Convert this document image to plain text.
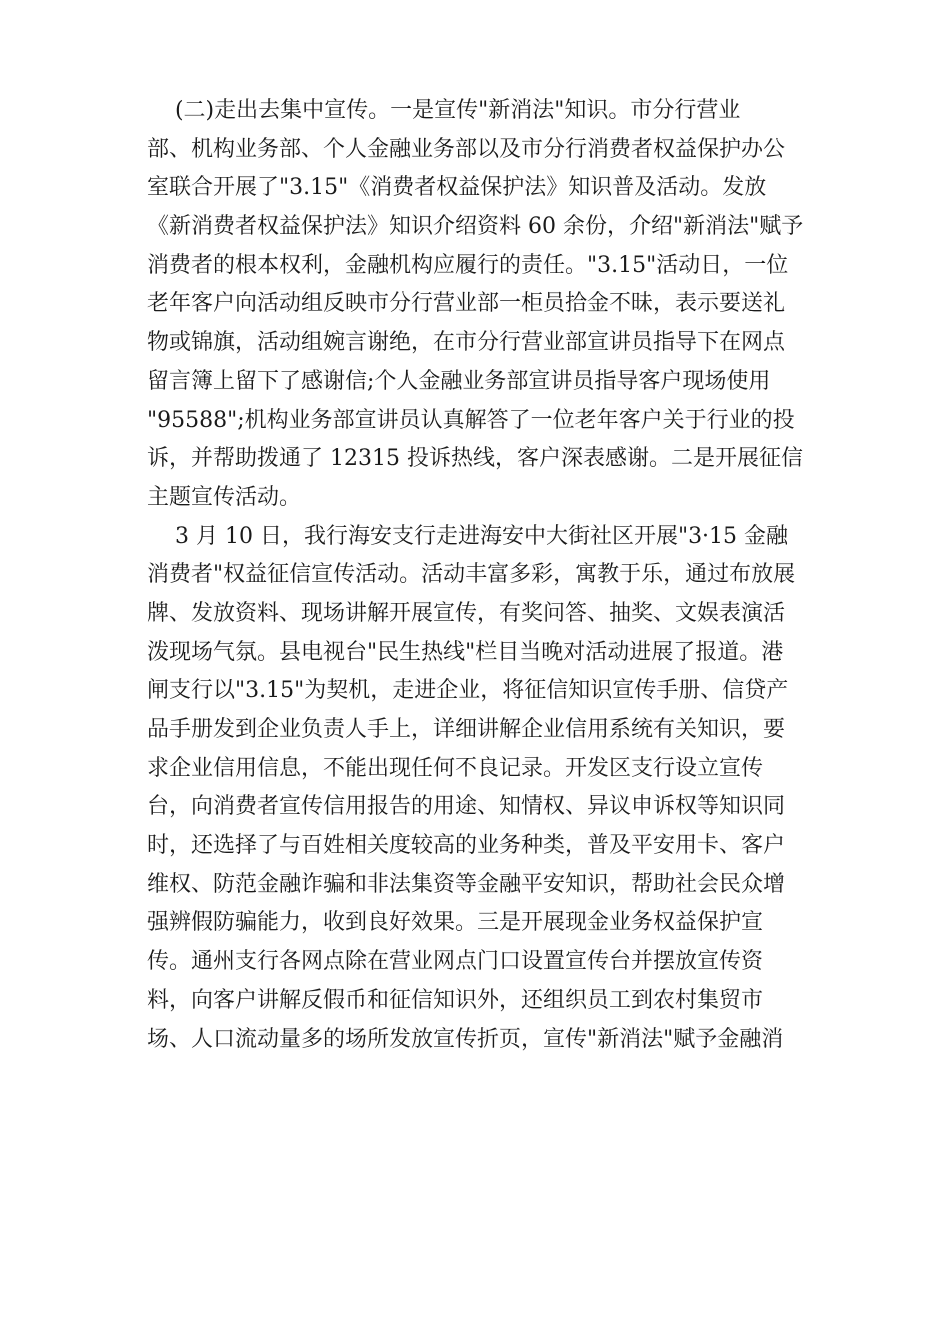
(二)走出去集中宣传。一是宣传"新消法"知识。市分行营业
部、机构业务部、个人金融业务部以及市分行消费者权益保护办公
室联合开展了"3.15"《消费者权益保护法》知识普及活动。发放
《新消费者权益保护法》知识介绍资料 60 余份，介绍"新消法"赋予
消费者的根本权利，金融机构应履行的责任。"3.15"活动日，一位
老年客户向活动组反映市分行营业部一柜员拾金不昧，表示要送礼
物或锦旗，活动组婉言谢绝，在市分行营业部宣讲员指导下在网点
留言簿上留下了感谢信;个人金融业务部宣讲员指导客户现场使用
"95588";机构业务部宣讲员认真解答了一位老年客户关于行业的投
诉，并帮助拨通了 12315 投诉热线，客户深表感谢。二是开展征信
主题宣传活动。
3 月 10 日，我行海安支行走进海安中大街社区开展"3·15 金融
消费者"权益征信宣传活动。活动丰富多彩，寓教于乐，通过布放展
牌、发放资料、现场讲解开展宣传，有奖问答、抽奖、文娱表演活
泼现场气氛。县电视台"民生热线"栏目当晚对活动进展了报道。港
闸支行以"3.15"为契机，走进企业，将征信知识宣传手册、信贷产
品手册发到企业负责人手上，详细讲解企业信用系统有关知识，要
求企业信用信息，不能出现任何不良记录。开发区支行设立宣传
台，向消费者宣传信用报告的用途、知情权、异议申诉权等知识同
时，还选择了与百姓相关度较高的业务种类，普及平安用卡、客户
维权、防范金融诈骗和非法集资等金融平安知识，帮助社会民众增
强辨假防骗能力，收到良好效果。三是开展现金业务权益保护宣
传。通州支行各网点除在营业网点门口设置宣传台并摆放宣传资
料，向客户讲解反假币和征信知识外，还组织员工到农村集贸市
场、人口流动量多的场所发放宣传折页，宣传"新消法"赋予金融消
